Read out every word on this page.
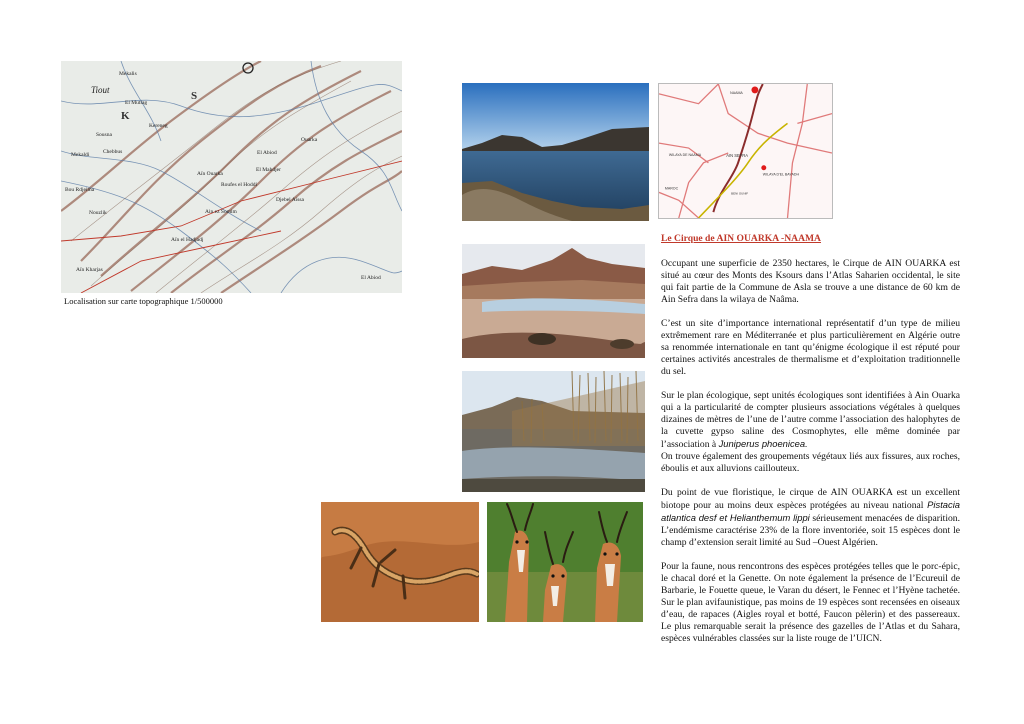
Mekalis
El Mutlag
Tiout
Sousna
Chebbus
Mekaldi
Kereneg
El Abiod
Bou Rdjeima
Nouzlik
Aïn Ouarka
Ain ez Somim
Roufes el Hoddi
El Mahdjer
Djebel Aïssa
Aïn el Hadjadj
Aïn Kharjas
El Abiod
Ouarka
K
S
Localisation sur carte topographique 1/500000
NAAMA
WILAYA DE NAAMA	AIN SEFRA
WILAYA D'EL BAYADH
MAROC
BENI OUNIF
Le Cirque de AIN OUARKA -NAAMA

Occupant une superficie de 2350 hectares, le Cirque de AIN OUARKA est situé au cœur des Monts des Ksours dans l’Atlas Saharien occidental, le site qui fait partie de la Commune de Asla se trouve a une distance de 60 km de Ain Sefra dans la wilaya de Naâma.

C’est un site d’importance international représentatif d’un type de milieu extrêmement rare en Méditerranée et plus particulièrement en Algérie outre sa renommée internationale en tant qu’énigme écologique il est réputé pour certaines activités ancestrales de thermalisme et d’exploitation traditionnelle du sel.

Sur le plan écologique, sept unités écologiques sont identifiées à Ain Ouarka qui a la particularité de compter plusieurs associations végétales à quelques dizaines de mètres de l’une de l’autre comme l’association des halophytes de la cuvette gypso saline des Cosmophytes, elle même dominée par l’association à Juniperus phoenicea.
On trouve également des groupements végétaux liés aux fissures, aux roches, éboulis et aux alluvions caillouteux.

Du point de vue floristique, le cirque de AIN OUARKA est un excellent biotope pour au moins deux espèces protégées au niveau national Pistacia atlantica desf et Helianthemum lippi sérieusement menacées de disparition. L’endémisme caractérise 23% de la flore inventoriée, soit 15 espèces dont le champ d’extension serait limité au Sud –Ouest Algérien.

Pour la faune, nous rencontrons des espèces protégées telles que le porc-épic, le chacal doré et la Genette. On note également la présence de l’Ecureuil de Barbarie, le Fouette queue, le Varan du désert, le Fennec et l’Hyène tachetée. Sur le plan avifaunistique, pas moins de 19 espèces sont recensées en oiseaux d’eau, de rapaces (Aigles royal et botté, Faucon pèlerin) et des passereaux. Le plus remarquable serait la présence des gazelles de l’Atlas et du Sahara, espèces vulnérables classées sur la liste rouge de l’UICN.
